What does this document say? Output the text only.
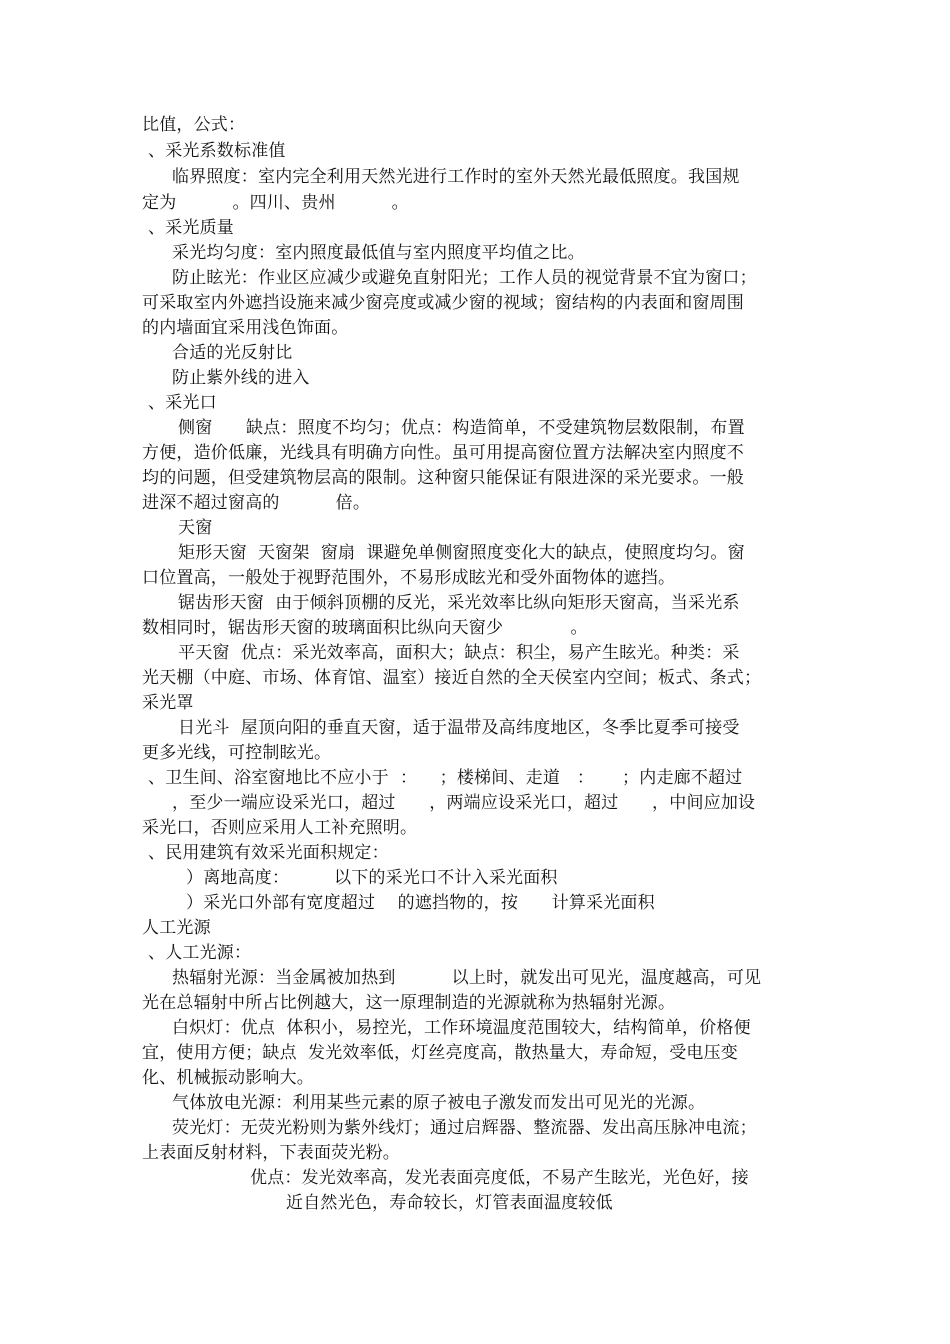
比值，公式：
、采光系数标准值
临界照度：室内完全利用天然光进行工作时的室外天然光最低照度。我国规
定为          。四川、贵州          。
、采光质量
采光均匀度：室内照度最低值与室内照度平均值之比。
防止眩光：作业区应减少或避免直射阳光；工作人员的视觉背景不宜为窗口；
可采取室内外遮挡设施来减少窗亮度或减少窗的视域；窗结构的内表面和窗周围
的内墙面宜采用浅色饰面。
合适的光反射比
防止紫外线的进入
、采光口
侧窗      缺点：照度不均匀；优点：构造简单，不受建筑物层数限制，布置
方便，造价低廉，光线具有明确方向性。虽可用提高窗位置方法解决室内照度不
均的问题，但受建筑物层高的限制。这种窗只能保证有限进深的采光要求。一般
进深不超过窗高的          倍。
天窗
矩形天窗  天窗架  窗扇  课避免单侧窗照度变化大的缺点，使照度均匀。窗
口位置高，一般处于视野范围外，不易形成眩光和受外面物体的遮挡。
锯齿形天窗  由于倾斜顶棚的反光，采光效率比纵向矩形天窗高，当采光系
数相同时，锯齿形天窗的玻璃面积比纵向天窗少            。
平天窗  优点：采光效率高，面积大；缺点：积尘，易产生眩光。种类：采
光天棚（中庭、市场、体育馆、温室）接近自然的全天侯室内空间；板式、条式；
采光罩
日光斗  屋顶向阳的垂直天窗，适于温带及高纬度地区，冬季比夏季可接受
更多光线，可控制眩光。
、卫生间、浴室窗地比不应小于  ：    ；楼梯间、走道   ：     ；内走廊不超过
，至少一端应设采光口，超过      ，两端应设采光口，超过      ，中间应加设
采光口，否则应采用人工补充照明。
、民用建筑有效采光面积规定：
）离地高度：        以下的采光口不计入采光面积
）采光口外部有宽度超过    的遮挡物的，按      计算采光面积
人工光源
、人工光源：
热辐射光源：当金属被加热到          以上时，就发出可见光，温度越高，可见
光在总辐射中所占比例越大，这一原理制造的光源就称为热辐射光源。
白炽灯：优点  体积小，易控光，工作环境温度范围较大，结构简单，价格便
宜，使用方便；缺点  发光效率低，灯丝亮度高，散热量大，寿命短，受电压变
化、机械振动影响大。
气体放电光源：利用某些元素的原子被电子激发而发出可见光的光源。
荧光灯：无荧光粉则为紫外线灯；通过启辉器、整流器、发出高压脉冲电流；
上表面反射材料，下表面荧光粉。
优点：发光效率高，发光表面亮度低，不易产生眩光，光色好，接
近自然光色，寿命较长，灯管表面温度较低
